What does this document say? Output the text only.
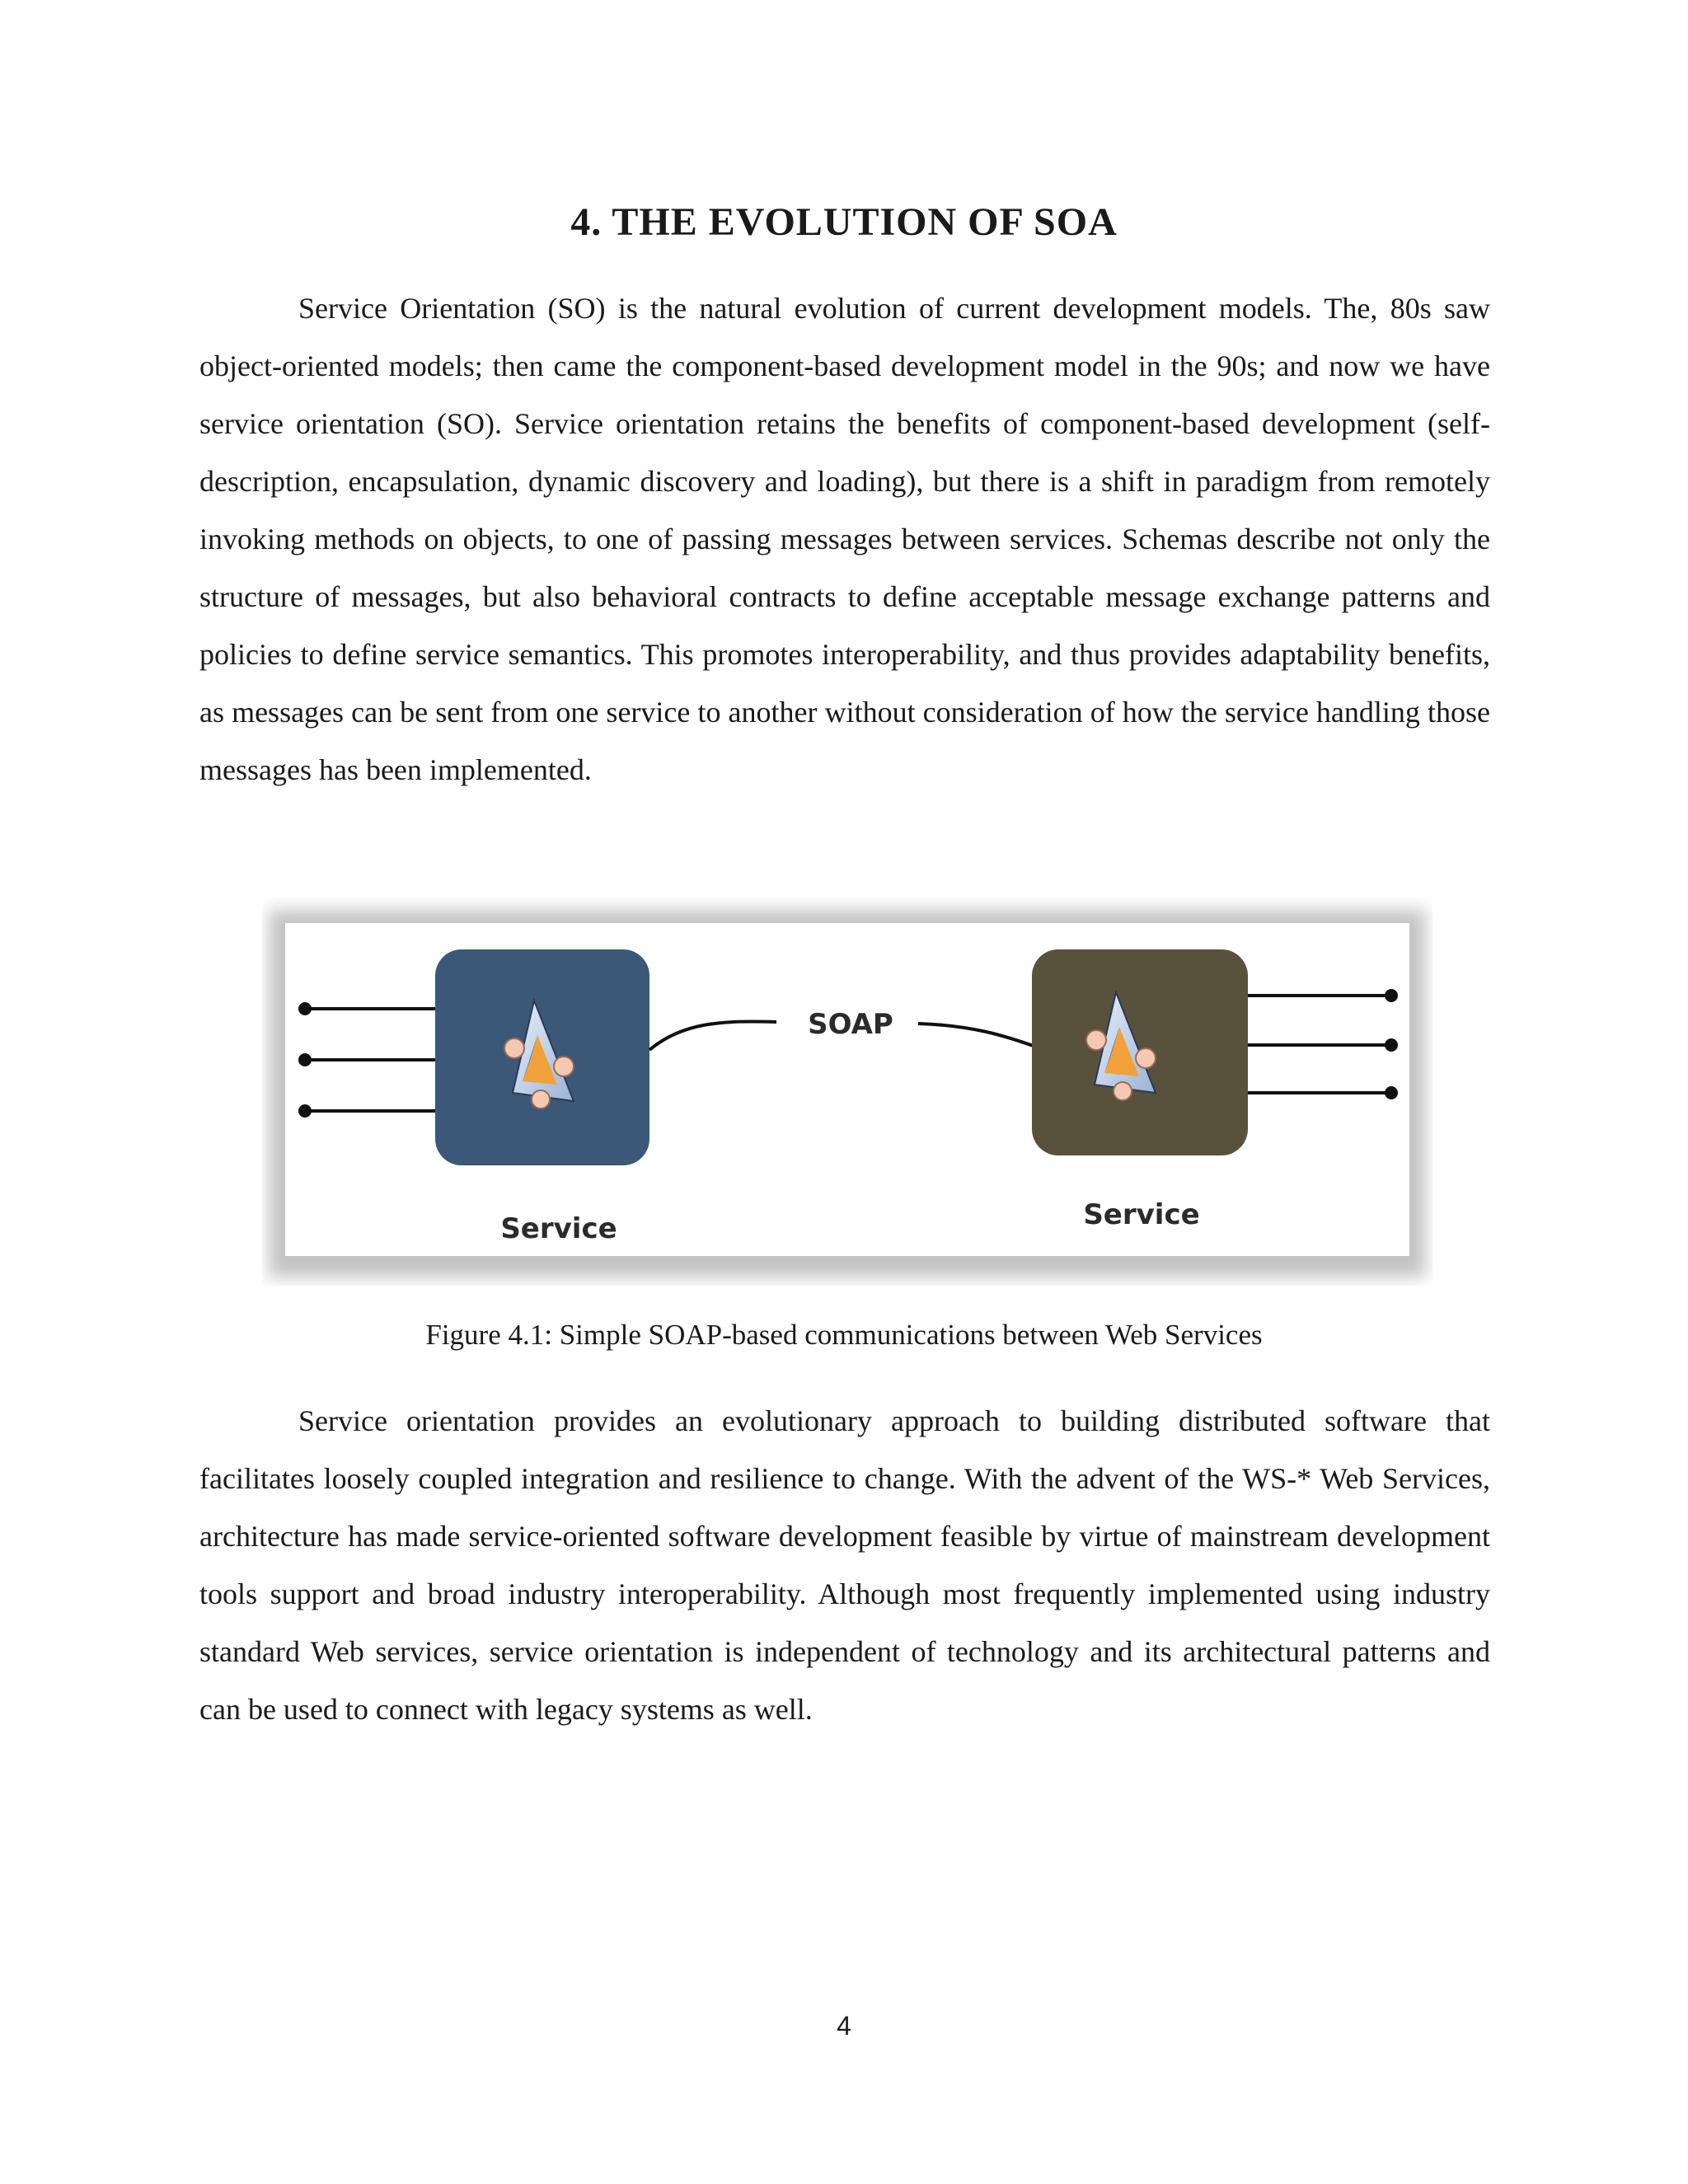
4. THE EVOLUTION OF SOA

Service Orientation (SO) is the natural evolution of current development models. The, 80s saw object-oriented models; then came the component-based development model in the 90s; and now we have service orientation (SO). Service orientation retains the benefits of component-based development (self-description, encapsulation, dynamic discovery and loading), but there is a shift in paradigm from remotely invoking methods on objects, to one of passing messages between services. Schemas describe not only the structure of messages, but also behavioral contracts to define acceptable message exchange patterns and policies to define service semantics. This promotes interoperability, and thus provides adaptability benefits, as messages can be sent from one service to another without consideration of how the service handling those messages has been implemented.

Service
SOAP
Service

Figure 4.1: Simple SOAP-based communications between Web Services

Service orientation provides an evolutionary approach to building distributed software that facilitates loosely coupled integration and resilience to change. With the advent of the WS-* Web Services, architecture has made service-oriented software development feasible by virtue of mainstream development tools support and broad industry interoperability. Although most frequently implemented using industry standard Web services, service orientation is independent of technology and its architectural patterns and can be used to connect with legacy systems as well.

4
